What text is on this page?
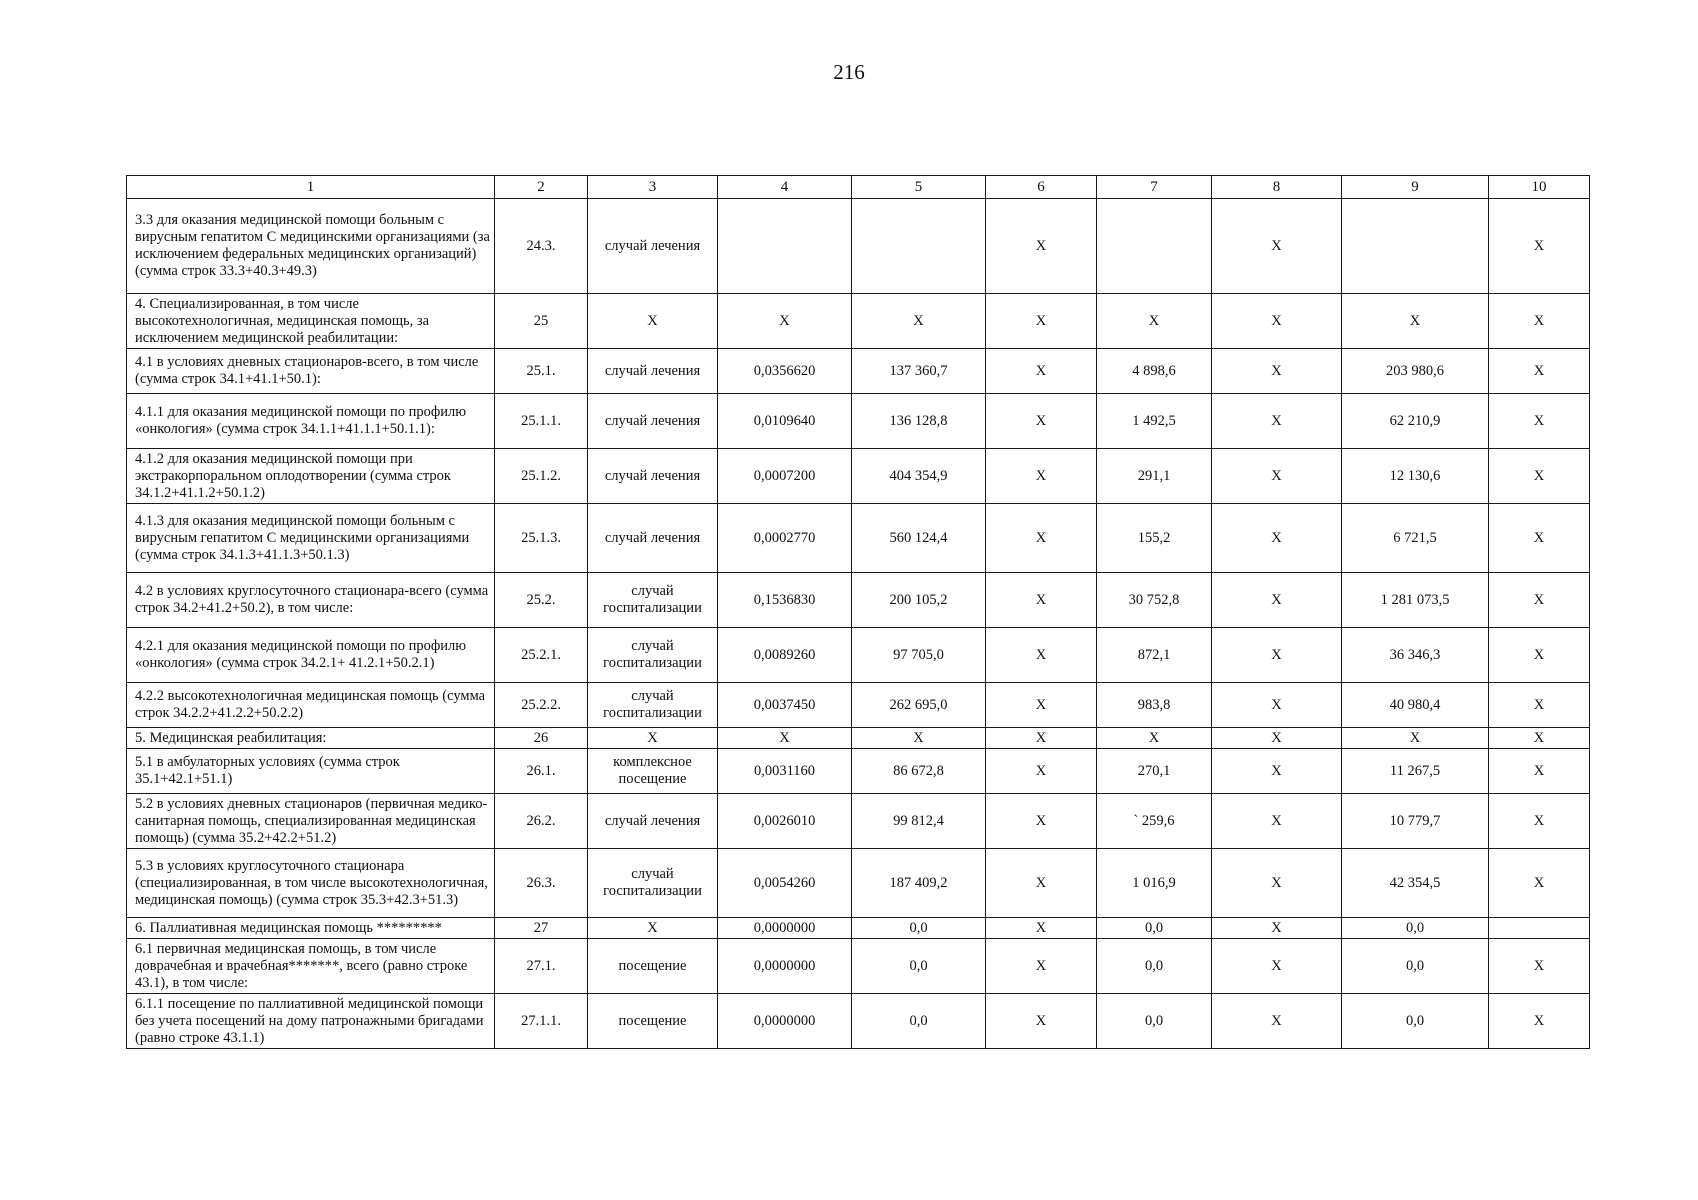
216
1	2	3	4	5	6	7	8	9	10
3.3 для оказания медицинской помощи больным с вирусным гепатитом С медицинскими организациями (за исключением федеральных медицинских организаций) (сумма строк 33.3+40.3+49.3)	24.3.	случай лечения			X		X		X
4. Специализированная, в том числе высокотехнологичная, медицинская помощь, за исключением медицинской реабилитации:	25	X	X	X	X	X	X	X	X
4.1 в условиях дневных стационаров-всего, в том числе (сумма строк 34.1+41.1+50.1):	25.1.	случай лечения	0,0356620	137 360,7	X	4 898,6	X	203 980,6	X
4.1.1 для оказания медицинской помощи по профилю «онкология» (сумма строк 34.1.1+41.1.1+50.1.1):	25.1.1.	случай лечения	0,0109640	136 128,8	X	1 492,5	X	62 210,9	X
4.1.2 для оказания медицинской помощи при экстракорпоральном оплодотворении (сумма строк 34.1.2+41.1.2+50.1.2)	25.1.2.	случай лечения	0,0007200	404 354,9	X	291,1	X	12 130,6	X
4.1.3 для оказания медицинской помощи больным с вирусным гепатитом С медицинскими организациями (сумма строк 34.1.3+41.1.3+50.1.3)	25.1.3.	случай лечения	0,0002770	560 124,4	X	155,2	X	6 721,5	X
4.2 в условиях круглосуточного стационара-всего (сумма строк 34.2+41.2+50.2), в том числе:	25.2.	случай госпитализации	0,1536830	200 105,2	X	30 752,8	X	1 281 073,5	X
4.2.1 для оказания медицинской помощи по профилю «онкология» (сумма строк 34.2.1+ 41.2.1+50.2.1)	25.2.1.	случай госпитализации	0,0089260	97 705,0	X	872,1	X	36 346,3	X
4.2.2 высокотехнологичная медицинская помощь (сумма строк 34.2.2+41.2.2+50.2.2)	25.2.2.	случай госпитализации	0,0037450	262 695,0	X	983,8	X	40 980,4	X
5. Медицинская реабилитация:	26	X	X	X	X	X	X	X	X
5.1 в амбулаторных условиях (сумма строк 35.1+42.1+51.1)	26.1.	комплексное посещение	0,0031160	86 672,8	X	270,1	X	11 267,5	X
5.2 в условиях дневных стационаров (первичная медико-санитарная помощь, специализированная медицинская помощь) (сумма 35.2+42.2+51.2)	26.2.	случай лечения	0,0026010	99 812,4	X	` 259,6	X	10 779,7	X
5.3 в условиях круглосуточного стационара (специализированная, в том числе высокотехнологичная, медицинская помощь) (сумма строк 35.3+42.3+51.3)	26.3.	случай госпитализации	0,0054260	187 409,2	X	1 016,9	X	42 354,5	X
6. Паллиативная медицинская помощь *********	27	X	0,0000000	0,0	X	0,0	X	0,0	
6.1 первичная медицинская помощь, в том числе доврачебная и врачебная*******, всего (равно строке 43.1), в том числе:	27.1.	посещение	0,0000000	0,0	X	0,0	X	0,0	X
6.1.1 посещение по паллиативной медицинской помощи без учета посещений на дому патронажными бригадами (равно строке 43.1.1)	27.1.1.	посещение	0,0000000	0,0	X	0,0	X	0,0	X
